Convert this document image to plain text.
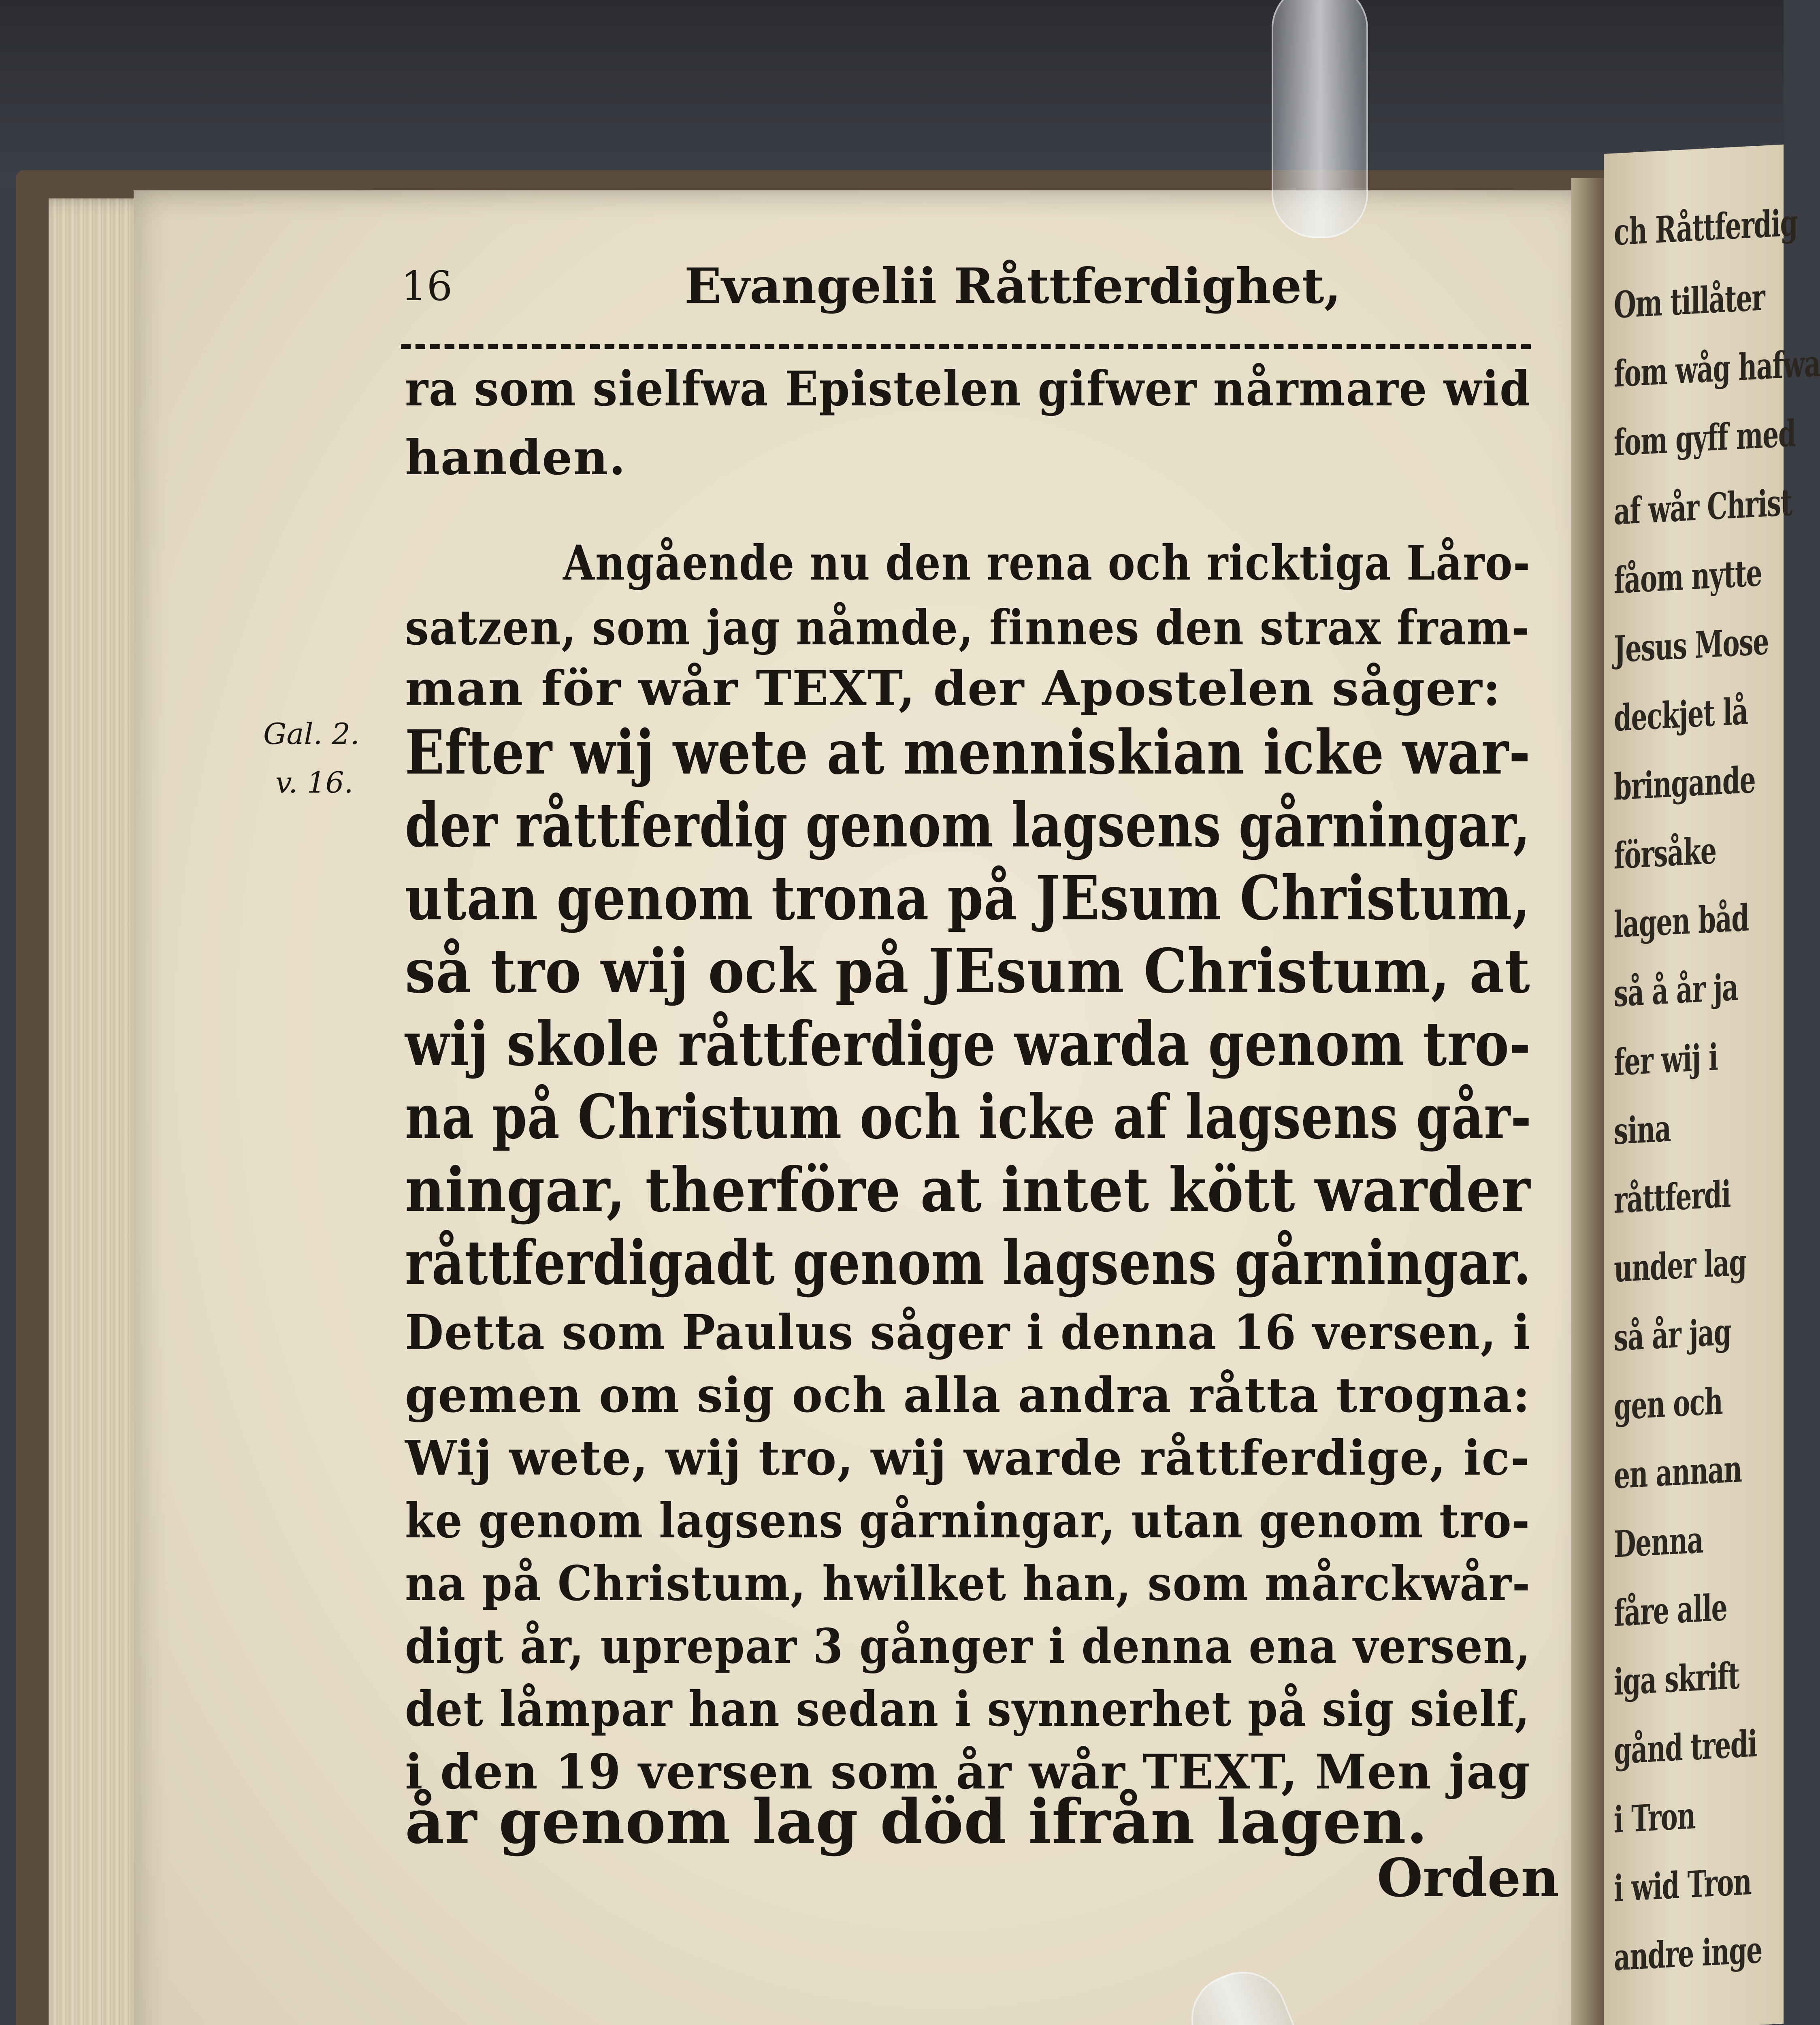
ch Råttferdig
Om tillåter
fom wåg hafwa
fom gyff med
af wår Christ
fåom nytte
Jesus Mose
deckjet lå
bringande
försåke
lagen båd
så å år ja
fer wij i
sina
råttferdi
under lag
så år jag
gen och
en annan
Denna
fåre alle
iga skrift
gånd tredi
i Tron
i wid Tron
andre inge
16	Evangelii Råttferdighet,
Gal. 2.
v. 16.
ra som sielfwa Epistelen gifwer nårmare wid
handen.
Angående nu den rena och ricktiga Låro-
satzen, som jag nåmde, finnes den strax fram-
man för wår TEXT, der Apostelen såger:
Efter wij wete at menniskian icke war-
der råttferdig genom lagsens gårningar,
utan genom trona på JEsum Christum,
så tro wij ock på JEsum Christum, at
wij skole råttferdige warda genom tro-
na på Christum och icke af lagsens går-
ningar, therföre at intet kött warder
råttferdigadt genom lagsens gårningar.
Detta som Paulus såger i denna 16 versen, i
gemen om sig och alla andra råtta trogna:
Wij wete, wij tro, wij warde råttferdige, ic-
ke genom lagsens gårningar, utan genom tro-
na på Christum, hwilket han, som mårckwår-
digt år, uprepar 3 gånger i denna ena versen,
det låmpar han sedan i synnerhet på sig sielf,
i den 19 versen som år wår TEXT, Men jag
år genom lag död ifrån lagen.
Orden
